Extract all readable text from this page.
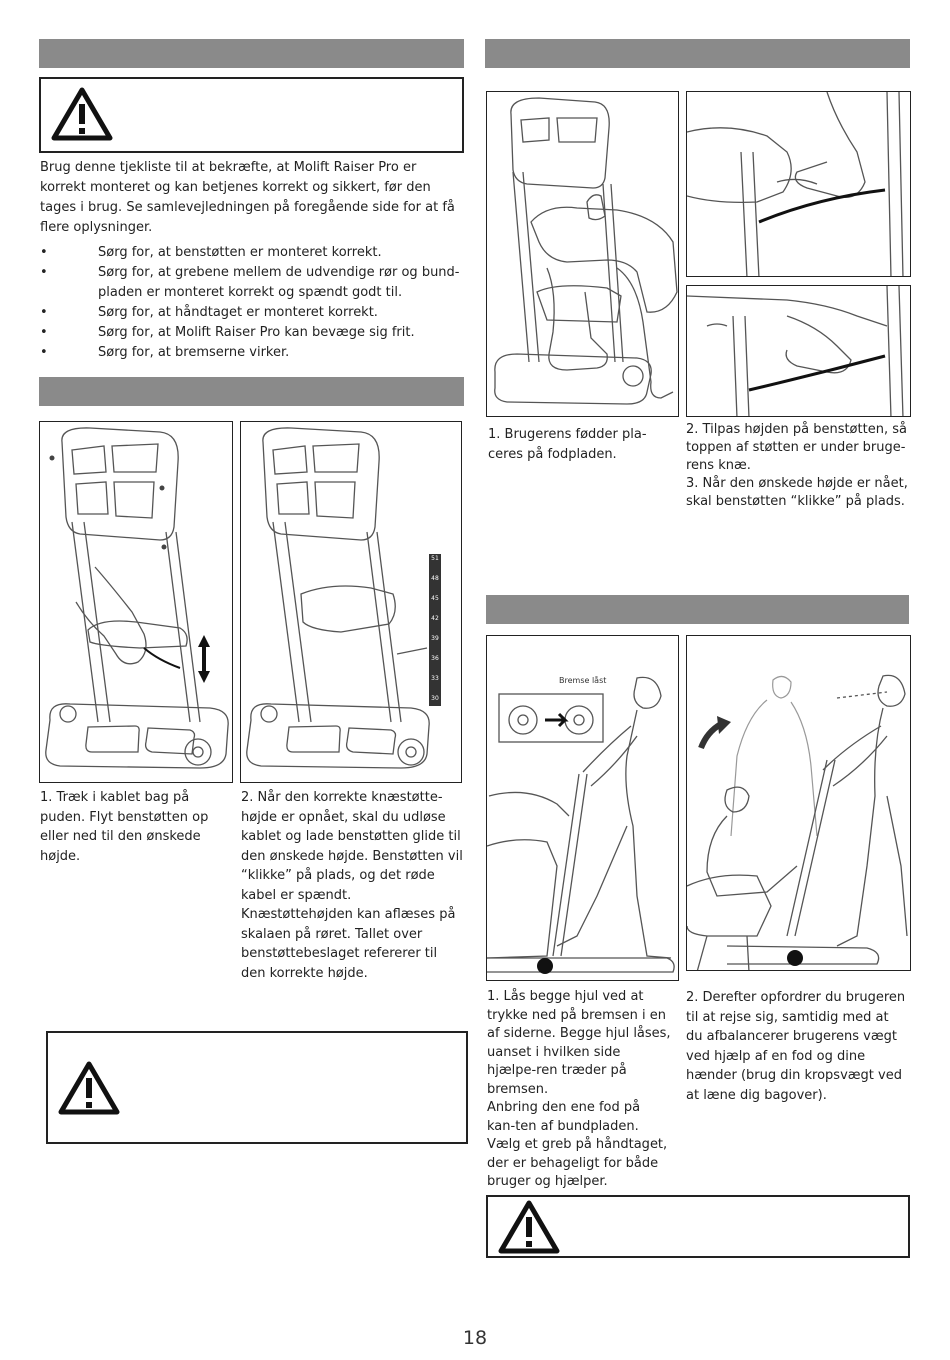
Brug denne tjekliste til at bekræfte, at Molift Raiser Pro er korrekt monteret og kan betjenes korrekt og sikkert, før den tages i brug. Se samlevejledningen på foregående side for at få flere oplysninger.
•	Sørg for, at benstøtten er monteret korrekt.
•	Sørg for, at grebene mellem de udvendige rør og bund-pladen er monteret korrekt og spændt godt til.
•	Sørg for, at håndtaget er monteret korrekt.
•	Sørg for, at Molift Raiser Pro kan bevæge sig frit.
•	Sørg for, at bremserne virker.
51
48
45
42
39
36
33
30

1. Træk i kablet bag på puden. Flyt benstøtten op eller ned til den ønskede højde.

2. Når den korrekte knæstøtte-højde er opnået, skal du udløse kablet og lade benstøtten glide til den ønskede højde. Benstøtten vil “klikke” på plads, og det røde kabel er spændt.

Knæstøttehøjden kan aflæses på skalaen på røret. Tallet over benstøttebeslaget refererer til den korrekte højde.

1. Brugerens fødder pla-ceres på fodpladen.

2. Tilpas højden på benstøtten, så toppen af støtten er under bruge-rens knæ.

3. Når den ønskede højde er nået, skal benstøtten “klikke” på plads.

Bremse låst

1. Lås begge hjul ved at trykke ned på bremsen i en af siderne. Begge hjul låses, uanset i hvilken side hjælpe-ren træder på bremsen.

Anbring den ene fod på kan-ten af bundpladen. Vælg et greb på håndtaget, der er behageligt for både bruger og hjælper.

2. Derefter opfordrer du brugeren til at rejse sig, samtidig med at du afbalancerer brugerens vægt ved hjælp af en fod og dine hænder (brug din kropsvægt ved at læne dig bagover).

18
